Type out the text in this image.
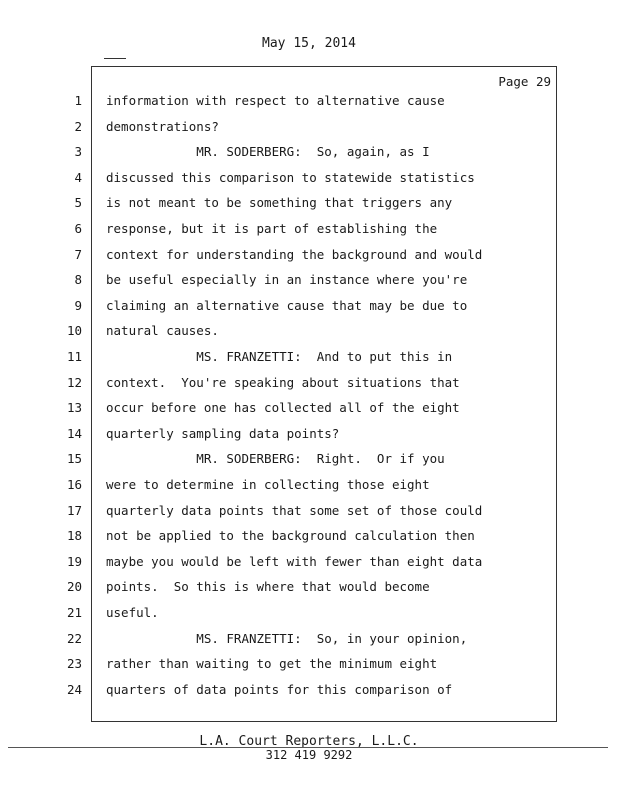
May 15, 2014
Page 29
1 information with respect to alternative cause
2 demonstrations?
3 MR. SODERBERG:  So, again, as I
4 discussed this comparison to statewide statistics
5 is not meant to be something that triggers any
6 response, but it is part of establishing the
7 context for understanding the background and would
8 be useful especially in an instance where you're
9 claiming an alternative cause that may be due to
10 natural causes.
11 MS. FRANZETTI:  And to put this in
12 context.  You're speaking about situations that
13 occur before one has collected all of the eight
14 quarterly sampling data points?
15 MR. SODERBERG:  Right.  Or if you
16 were to determine in collecting those eight
17 quarterly data points that some set of those could
18 not be applied to the background calculation then
19 maybe you would be left with fewer than eight data
20 points.  So this is where that would become
21 useful.
22 MS. FRANZETTI:  So, in your opinion,
23 rather than waiting to get the minimum eight
24 quarters of data points for this comparison of
L.A. Court Reporters, L.L.C.
312 419 9292
